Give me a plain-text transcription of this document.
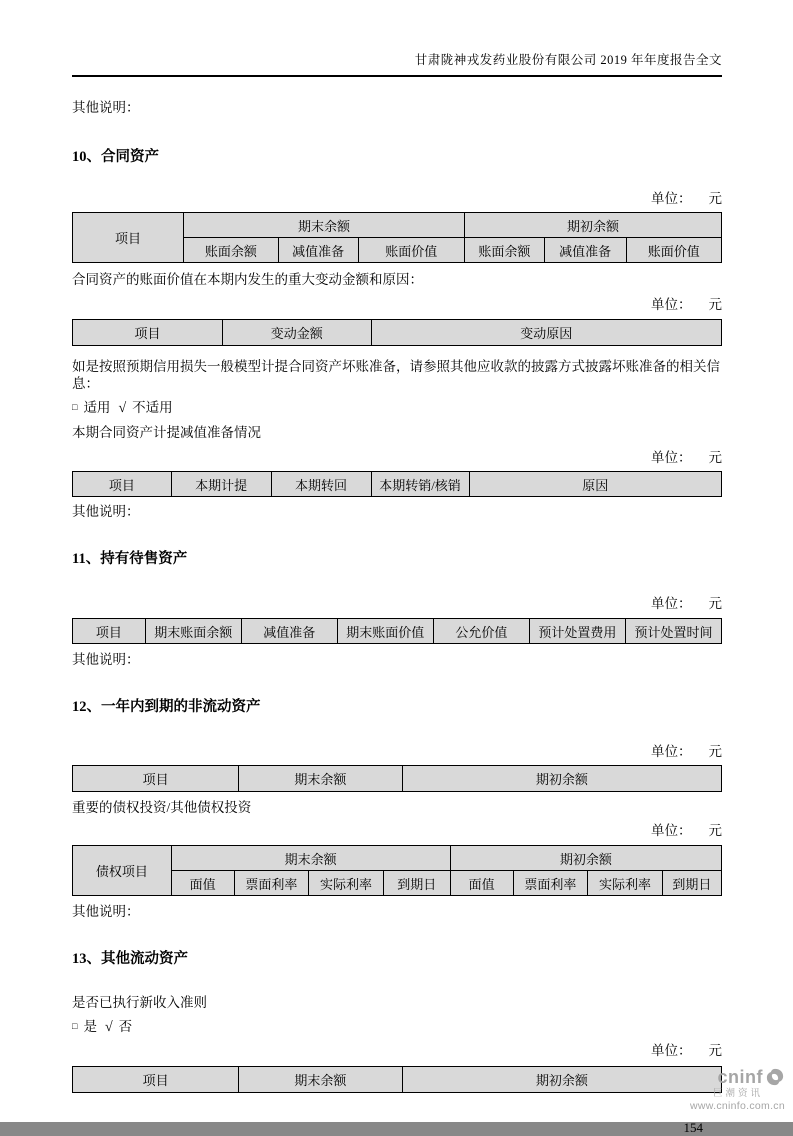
甘肃陇神戎发药业股份有限公司 2019 年年度报告全文

其他说明：

10、合同资产
单位： 元
项目	期末余额			期初余额		
	账面余额	减值准备	账面价值	账面余额	减值准备	账面价值

合同资产的账面价值在本期内发生的重大变动金额和原因：

单位： 元
项目	变动金额	变动原因

如是按照预期信用损失一般模型计提合同资产坏账准备，请参照其他应收款的披露方式披露坏账准备的相关信息：

□ 适用 √ 不适用

本期合同资产计提减值准备情况

单位： 元
项目	本期计提	本期转回	本期转销/核销	原因

其他说明：

11、持有待售资产
单位： 元
项目	期末账面余额	减值准备	期末账面价值	公允价值	预计处置费用	预计处置时间

其他说明：

12、一年内到期的非流动资产
单位： 元
项目	期末余额	期初余额

重要的债权投资/其他债权投资

单位： 元
债权项目	期末余额				期初余额			
	面值	票面利率	实际利率	到期日	面值	票面利率	实际利率	到期日

其他说明：

13、其他流动资产

是否已执行新收入准则

□ 是 √ 否
单位： 元
项目	期末余额	期初余额
154
cninf
巨潮资讯
www.cninfo.com.cn
